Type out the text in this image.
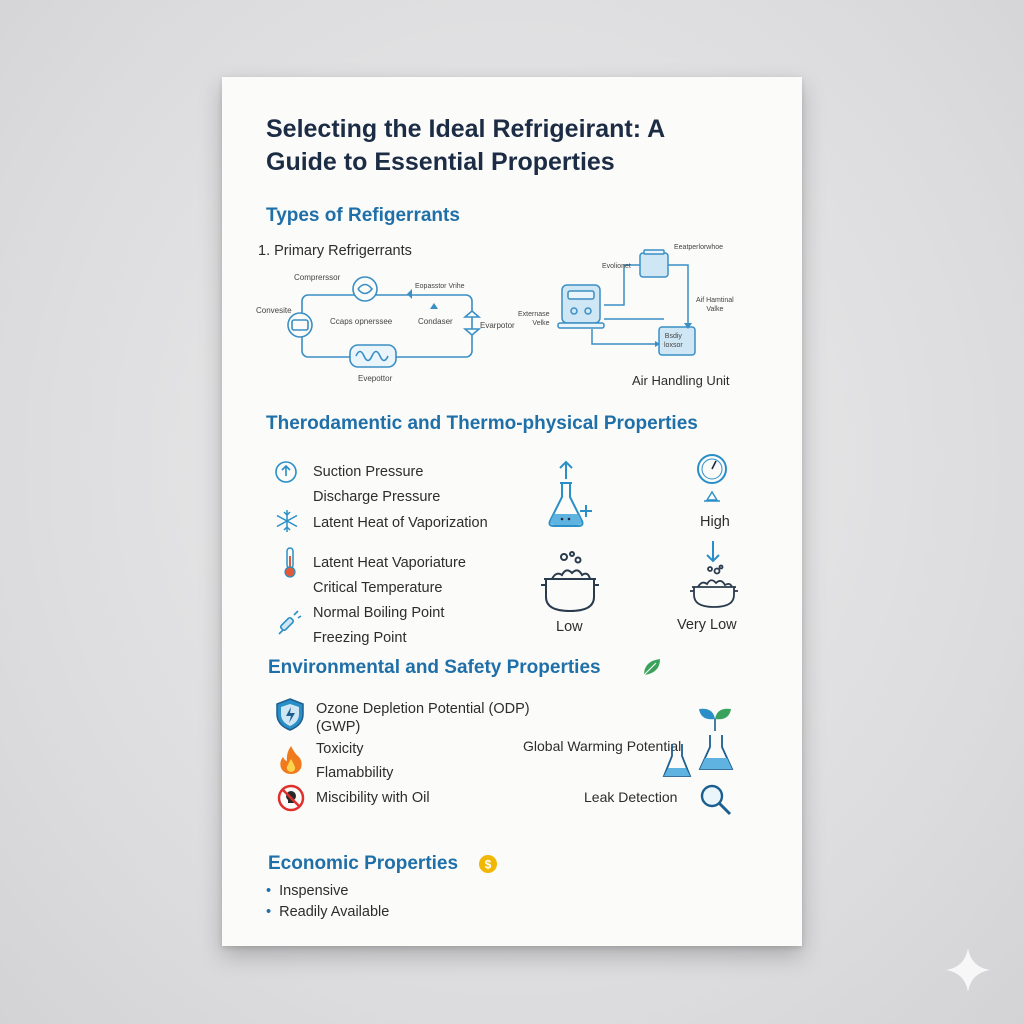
Selecting the Ideal Refrigeirant: A
Guide to Essential Properties
Types of Refigerrants
1. Primary Refrigerrants
Comprerssor
Convesite
Ccaps opnerssee
Eopasstor Vrihe
Condaser	Evarpotor
Evepottor
Externase
Velke
Evolionet
Eeatperlorwhoe
Aif Hamtinal
Valke
Bsdiy
loxsor
Air Handling Unit
Therodamentic and Thermo-physical Properties
Suction Pressure
Discharge Pressure
Latent Heat of Vaporization
Latent Heat Vaporiature
Critical Temperature
Normal Boiling Point
Freezing Point
High
Low	Very Low
Environmental and Safety Properties
Ozone Depletion Potential (ODP)
(GWP)
Toxicity
Flamabbility
Miscibility with Oil
Global Warming Potential
Leak Detection
Economic Properties $
• Inspensive
• Readily Available
